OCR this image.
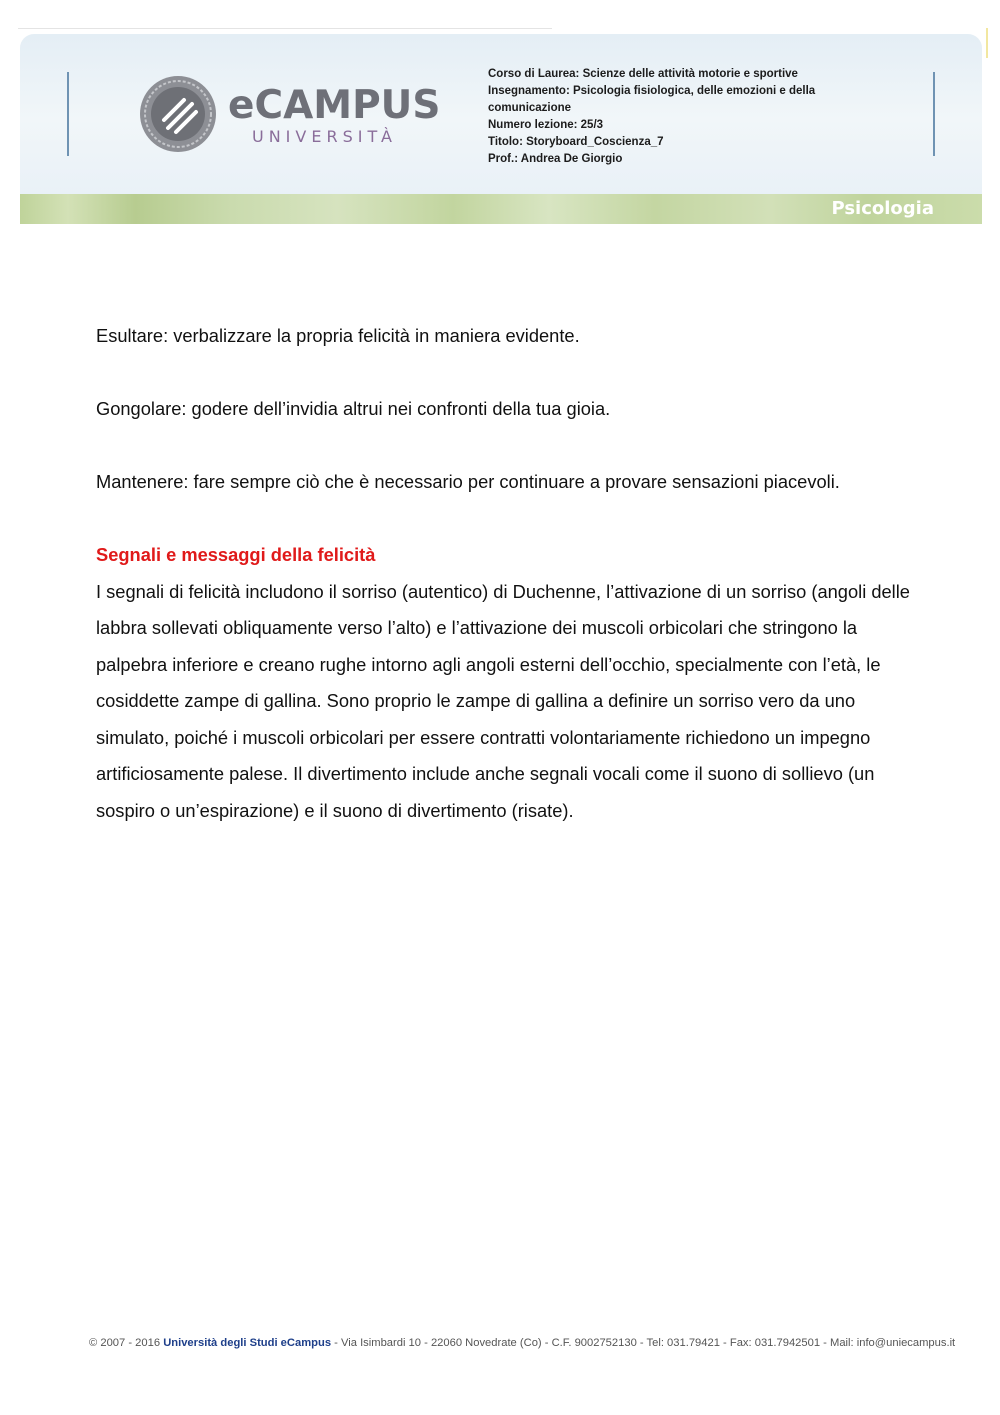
eCAMPUS
UNIVERSITÀ
Corso di Laurea: Scienze delle attività motorie e sportive
Insegnamento: Psicologia fisiologica, delle emozioni e della
comunicazione
Numero lezione: 25/3
Titolo: Storyboard_Coscienza_7
Prof.: Andrea De Giorgio
Psicologia

Esultare: verbalizzare la propria felicità in maniera evidente.

Gongolare: godere dell’invidia altrui nei confronti della tua gioia.

Mantenere: fare sempre ciò che è necessario per continuare a provare sensazioni piacevoli.

Segnali e messaggi della felicità

I segnali di felicità includono il sorriso (autentico) di Duchenne, l’attivazione di un sorriso (angoli delle labbra sollevati obliquamente verso l’alto) e l’attivazione dei muscoli orbicolari che stringono la palpebra inferiore e creano rughe intorno agli angoli esterni dell’occhio, specialmente con l’età, le cosiddette zampe di gallina. Sono proprio le zampe di gallina a definire un sorriso vero da uno simulato, poiché i muscoli orbicolari per essere contratti volontariamente richiedono un impegno artificiosamente palese. Il divertimento include anche segnali vocali come il suono di sollievo (un sospiro o un’espirazione) e il suono di divertimento (risate).

© 2007 - 2016 Università degli Studi eCampus - Via Isimbardi 10 - 22060 Novedrate (Co) - C.F. 9002752130 - Tel: 031.79421 - Fax: 031.7942501 - Mail: info@uniecampus.it
